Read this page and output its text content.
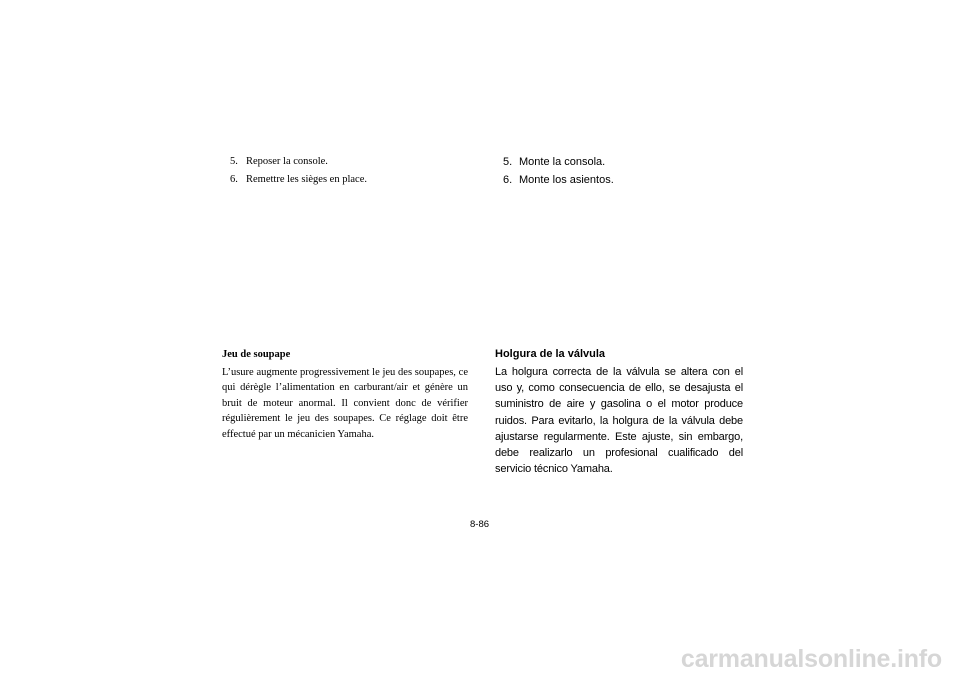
5. Reposer la console.
6. Remettre les sièges en place.
Jeu de soupape

L’usure augmente progressivement le jeu des soupapes, ce qui dérègle l’alimentation en carburant/air et génère un bruit de moteur anormal. Il convient donc de vérifier régulièrement le jeu des soupapes. Ce réglage doit être effectué par un mécanicien Yamaha.

5. Monte la consola.
6. Monte los asientos.
Holgura de la válvula

La holgura correcta de la válvula se altera con el uso y, como consecuencia de ello, se desajusta el suministro de aire y gasolina o el motor produce ruidos. Para evitarlo, la holgura de la válvula debe ajustarse regularmente. Este ajuste, sin embargo, debe realizarlo un profesional cualificado del servicio técnico Yamaha.

8-86
carmanualsonline.info
